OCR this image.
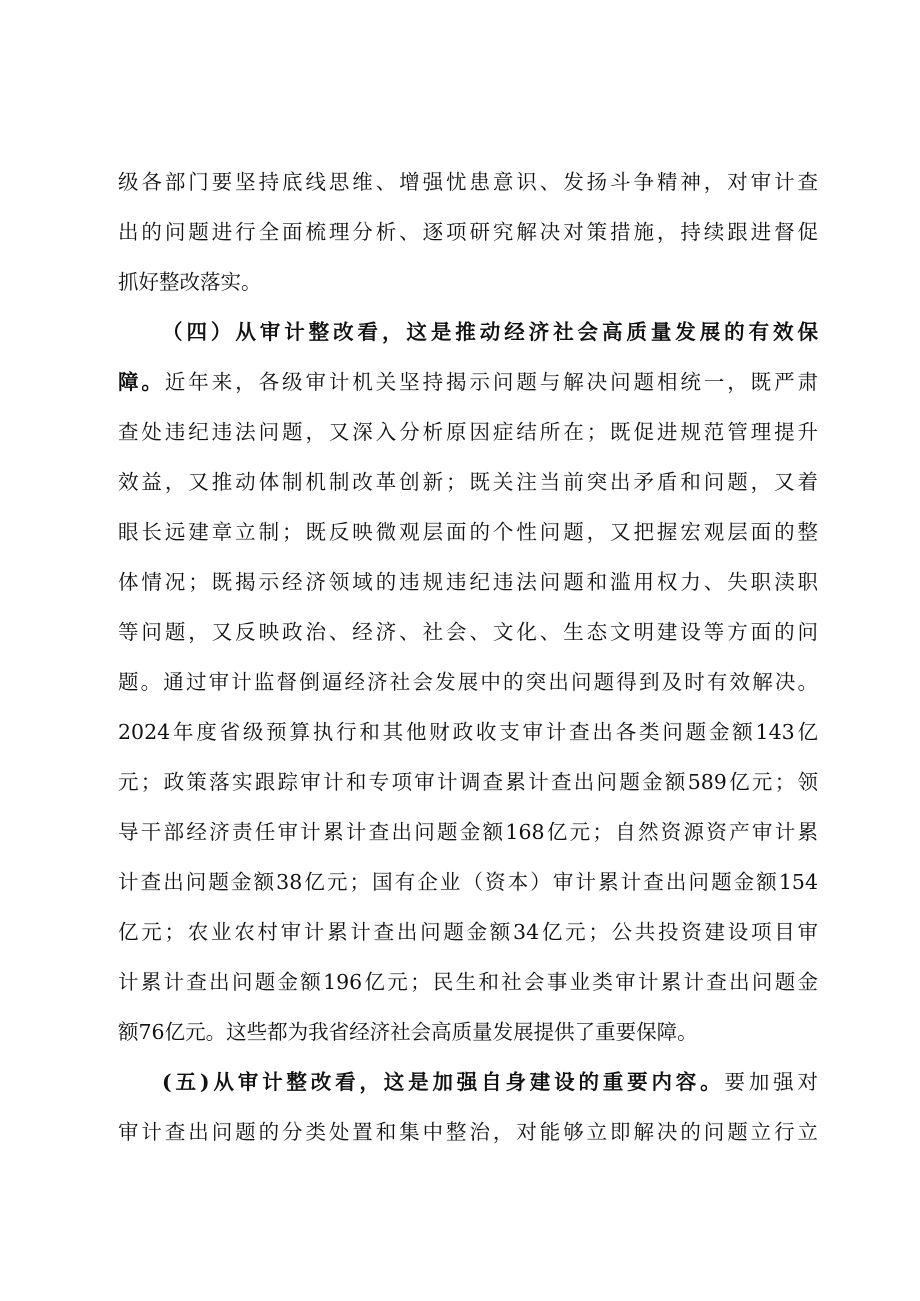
级各部门要坚持底线思维、增强忧患意识、发扬斗争精神，对审计查
出的问题进行全面梳理分析、逐项研究解决对策措施，持续跟进督促
抓好整改落实。
（四）从审计整改看，这是推动经济社会高质量发展的有效保
障。近年来，各级审计机关坚持揭示问题与解决问题相统一，既严肃
查处违纪违法问题，又深入分析原因症结所在；既促进规范管理提升
效益，又推动体制机制改革创新；既关注当前突出矛盾和问题，又着
眼长远建章立制；既反映微观层面的个性问题，又把握宏观层面的整
体情况；既揭示经济领域的违规违纪违法问题和滥用权力、失职渎职
等问题，又反映政治、经济、社会、文化、生态文明建设等方面的问
题。通过审计监督倒逼经济社会发展中的突出问题得到及时有效解决。
2024年度省级预算执行和其他财政收支审计查出各类问题金额143亿
元；政策落实跟踪审计和专项审计调查累计查出问题金额589亿元；领
导干部经济责任审计累计查出问题金额168亿元；自然资源资产审计累
计查出问题金额38亿元；国有企业（资本）审计累计查出问题金额154
亿元；农业农村审计累计查出问题金额34亿元；公共投资建设项目审
计累计查出问题金额196亿元；民生和社会事业类审计累计查出问题金
额76亿元。这些都为我省经济社会高质量发展提供了重要保障。
(五)从审计整改看，这是加强自身建设的重要内容。要加强对
审计查出问题的分类处置和集中整治，对能够立即解决的问题立行立
